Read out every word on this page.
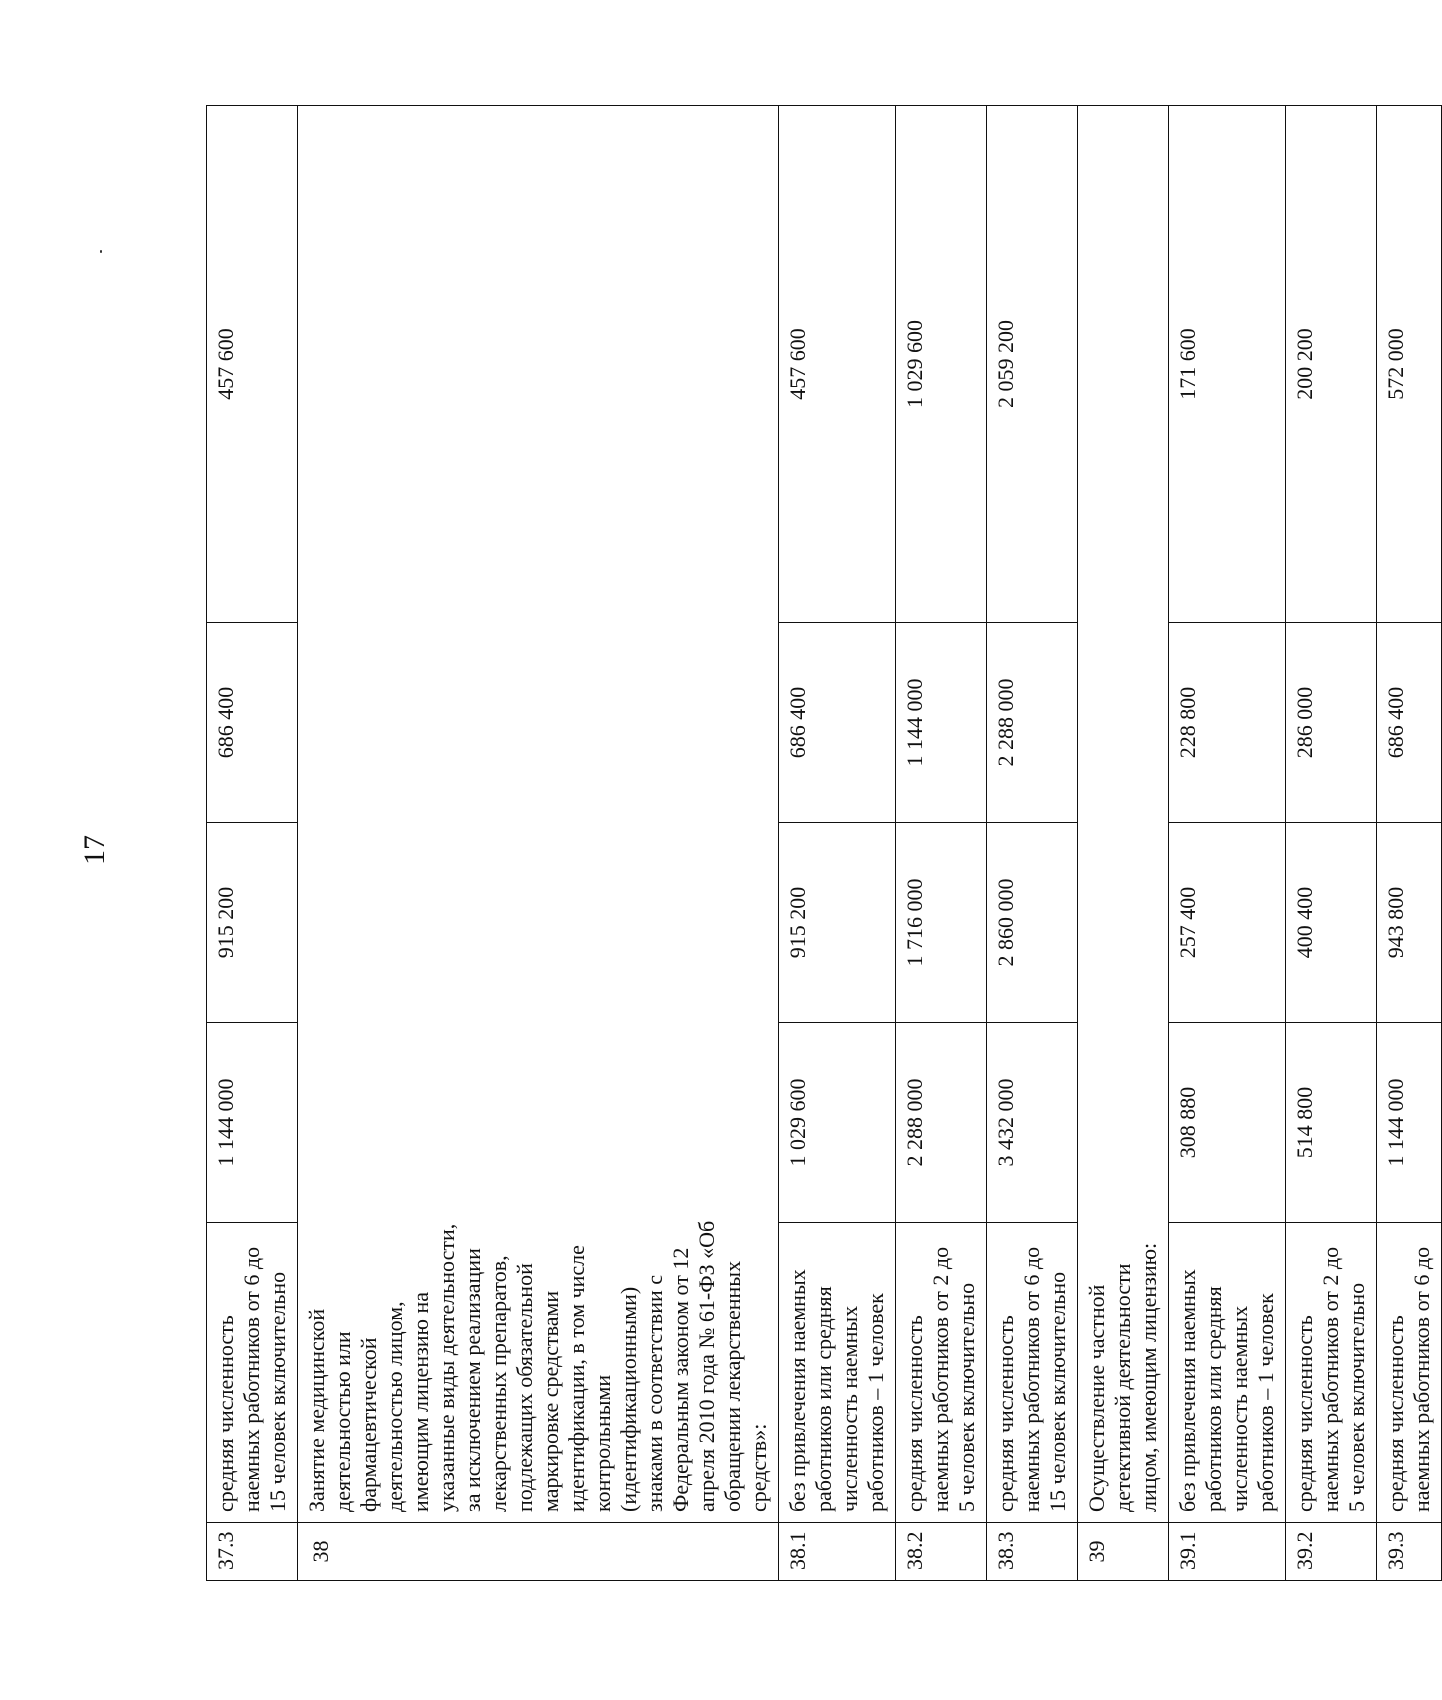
17
37.3	средняя численность наемных работников от 6 до 15 человек включительно	1 144 000	915 200	686 400	457 600
38	Занятие медицинской деятельностью или фармацевтической деятельностью лицом, имеющим лицензию на указанные виды деятельности, за исключением реализации лекарственных препаратов, подлежащих обязательной маркировке средствами идентификации, в том числе контрольными (идентификационными) знаками в соответствии с Федеральным законом от 12 апреля 2010 года № 61-ФЗ «Об обращении лекарственных средств»:				
38.1	без привлечения наемных работников или средняя численность наемных работников – 1 человек	1 029 600	915 200	686 400	457 600
38.2	средняя численность наемных работников от 2 до 5 человек включительно	2 288 000	1 716 000	1 144 000	1 029 600
38.3	средняя численность наемных работников от 6 до 15 человек включительно	3 432 000	2 860 000	2 288 000	2 059 200
39	Осуществление частной детективной деятельности лицом, имеющим лицензию:				
39.1	без привлечения наемных работников или средняя численность наемных работников – 1 человек	308 880	257 400	228 800	171 600
39.2	средняя численность наемных работников от 2 до 5 человек включительно	514 800	400 400	286 000	200 200
39.3	средняя численность наемных работников от 6 до	1 144 000	943 800	686 400	572 000
